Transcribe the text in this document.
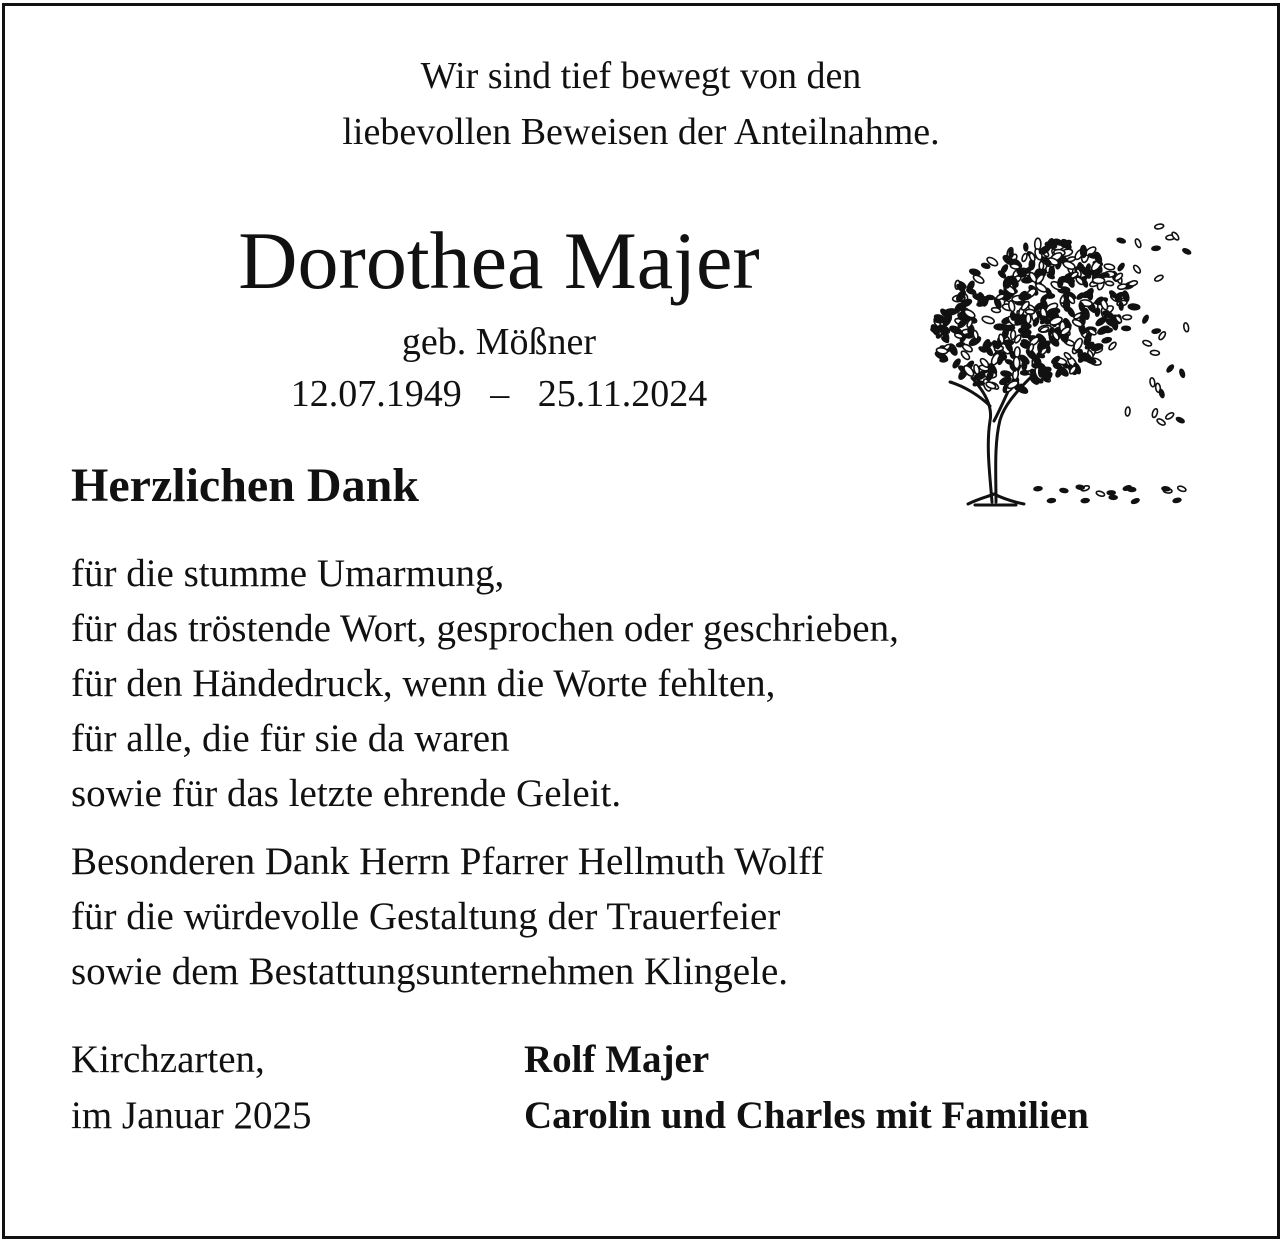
Wir sind tief bewegt von den
liebevollen Beweisen der Anteilnahme.
Dorothea Majer
geb. Mößner
12.07.1949   –   25.11.2024
Herzlichen Dank
für die stumme Umarmung,
für das tröstende Wort, gesprochen oder geschrieben,
für den Händedruck, wenn die Worte fehlten,
für alle, die für sie da waren
sowie für das letzte ehrende Geleit.
Besonderen Dank Herrn Pfarrer Hellmuth Wolff
für die würdevolle Gestaltung der Trauerfeier
sowie dem Bestattungsunternehmen Klingele.
Kirchzarten,
im Januar 2025
Rolf Majer
Carolin und Charles mit Familien
